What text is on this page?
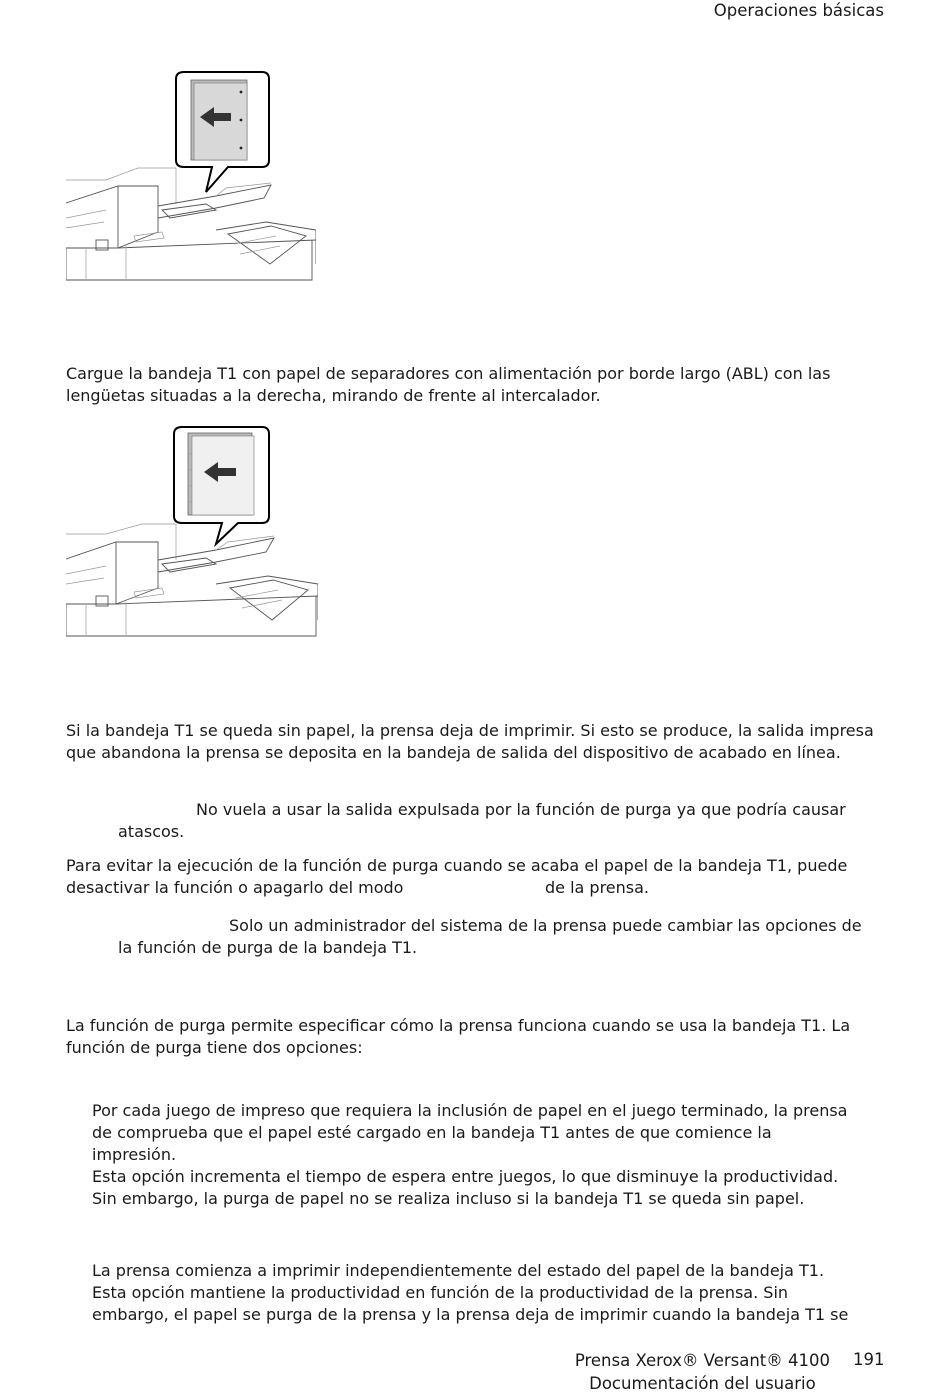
Operaciones básicas
Cargue la bandeja T1 con papel de separadores con alimentación por borde largo (ABL) con las lengüetas situadas a la derecha, mirando de frente al intercalador.
Si la bandeja T1 se queda sin papel, la prensa deja de imprimir. Si esto se produce, la salida impresa que abandona la prensa se deposita en la bandeja de salida del dispositivo de acabado en línea.
No vuela a usar la salida expulsada por la función de purga ya que podría causar
atascos.
Para evitar la ejecución de la función de purga cuando se acaba el papel de la bandeja T1, puede
desactivar la función o apagarlo del modo	de la prensa.
Solo un administrador del sistema de la prensa puede cambiar las opciones de
la función de purga de la bandeja T1.
La función de purga permite especificar cómo la prensa funciona cuando se usa la bandeja T1. La función de purga tiene dos opciones:
Por cada juego de impreso que requiera la inclusión de papel en el juego terminado, la prensa
de comprueba que el papel esté cargado en la bandeja T1 antes de que comience la
impresión.
Esta opción incrementa el tiempo de espera entre juegos, lo que disminuye la productividad.
Sin embargo, la purga de papel no se realiza incluso si la bandeja T1 se queda sin papel.
La prensa comienza a imprimir independientemente del estado del papel de la bandeja T1.
Esta opción mantiene la productividad en función de la productividad de la prensa. Sin
embargo, el papel se purga de la prensa y la prensa deja de imprimir cuando la bandeja T1 se
Prensa Xerox® Versant® 4100
Documentación del usuario
191
